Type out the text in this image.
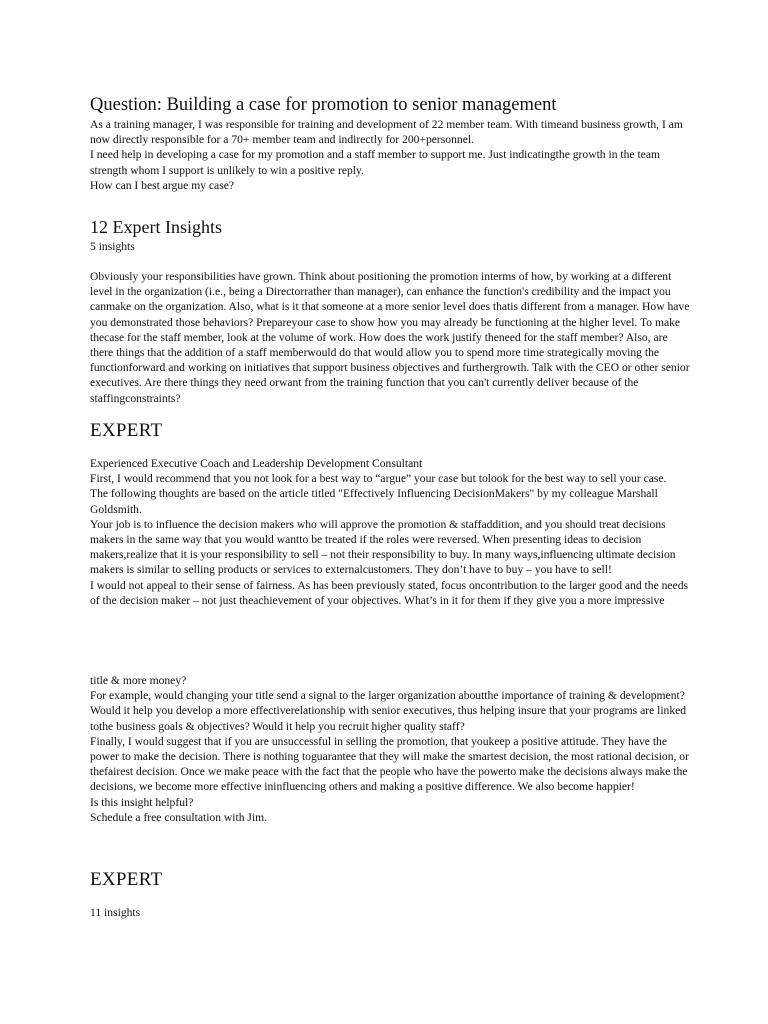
Question: Building a case for promotion to senior management
As a training manager, I was responsible for training and development of 22 member team. With timeand business growth, I am now directly responsible for a 70+ member team and indirectly for 200+personnel.
I need help in developing a case for my promotion and a staff member to support me. Just indicatingthe growth in the team strength whom I support is unlikely to win a positive reply.
How can I best argue my case?
12 Expert Insights
5 insights
Obviously your responsibilities have grown. Think about positioning the promotion interms of how, by working at a different level in the organization (i.e., being a Directorrather than manager), can enhance the function's credibility and the impact you canmake on the organization. Also, what is it that someone at a more senior level does thatis different from a manager. How have you demonstrated those behaviors? Prepareyour case to show how you may already be functioning at the higher level. To make thecase for the staff member, look at the volume of work. How does the work justify theneed for the staff member? Also, are there things that the addition of a staff memberwould do that would allow you to spend more time strategically moving the functionforward and working on initiatives that support business objectives and furthergrowth. Talk with the CEO or other senior executives. Are there things they need orwant from the training function that you can't currently deliver because of the staffingconstraints?
EXPERT
Experienced Executive Coach and Leadership Development Consultant
First, I would recommend that you not look for a best way to “argue” your case but tolook for the best way to sell your case.
The following thoughts are based on the article titled "Effectively Influencing DecisionMakers" by my colleague Marshall Goldsmith.
Your job is to influence the decision makers who will approve the promotion & staffaddition, and you should treat decisions makers in the same way that you would wantto be treated if the roles were reversed. When presenting ideas to decision makers,realize that it is your responsibility to sell – not their responsibility to buy. In many ways,influencing ultimate decision makers is similar to selling products or services to externalcustomers. They don’t have to buy – you have to sell!
I would not appeal to their sense of fairness. As has been previously stated, focus oncontribution to the larger good and the needs of the decision maker – not just theachievement of your objectives. What’s in it for them if they give you a more impressive
title & more money?
For example, would changing your title send a signal to the larger organization aboutthe importance of training & development? Would it help you develop a more effectiverelationship with senior executives, thus helping insure that your programs are linked tothe business goals & objectives? Would it help you recruit higher quality staff?
Finally, I would suggest that if you are unsuccessful in selling the promotion, that youkeep a positive attitude. They have the power to make the decision. There is nothing toguarantee that they will make the smartest decision, the most rational decision, or thefairest decision. Once we make peace with the fact that the people who have the powerto make the decisions always make the decisions, we become more effective ininfluencing others and making a positive difference. We also become happier!
Is this insight helpful?
Schedule a free consultation with Jim.
EXPERT
11 insights
